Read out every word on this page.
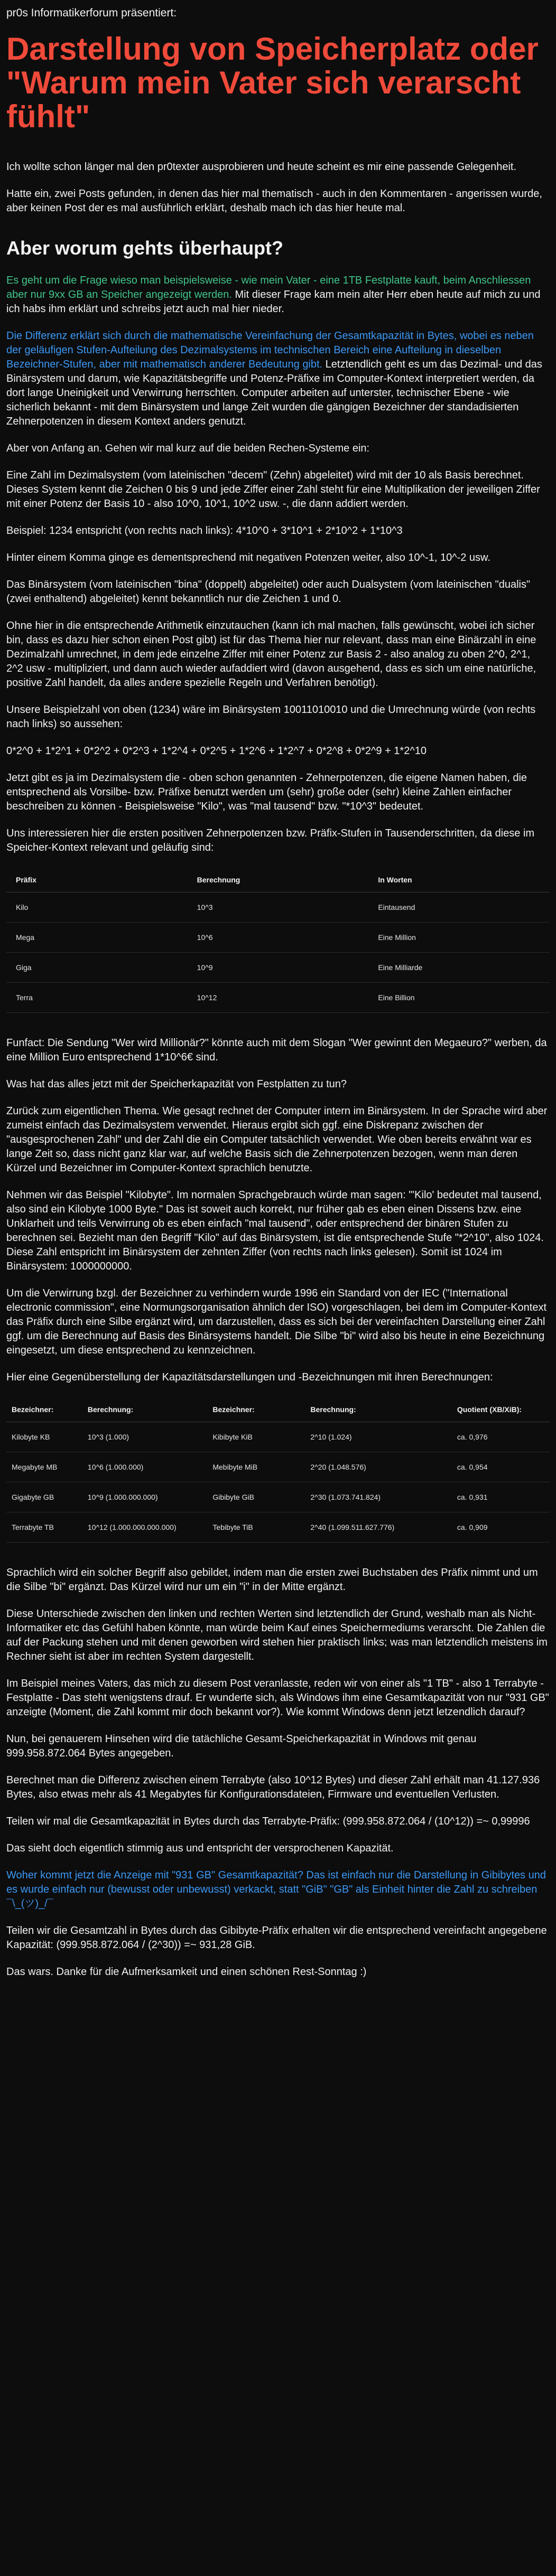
pr0s Informatikerforum präsentiert:
Darstellung von Speicherplatz oder "Warum mein Vater sich verarscht fühlt"

Ich wollte schon länger mal den pr0texter ausprobieren und heute scheint es mir eine passende Gelegenheit.

Hatte ein, zwei Posts gefunden, in denen das hier mal thematisch - auch in den Kommentaren - angerissen wurde, aber keinen Post der es mal ausführlich erklärt, deshalb mach ich das hier heute mal.

Aber worum gehts überhaupt?

Es geht um die Frage wieso man beispielsweise - wie mein Vater - eine 1TB Festplatte kauft, beim Anschliessen aber nur 9xx GB an Speicher angezeigt werden. Mit dieser Frage kam mein alter Herr eben heute auf mich zu und ich habs ihm erklärt und schreibs jetzt auch mal hier nieder.

Die Differenz erklärt sich durch die mathematische Vereinfachung der Gesamtkapazität in Bytes, wobei es neben der geläufigen Stufen-Aufteilung des Dezimalsystems im technischen Bereich eine Aufteilung in dieselben Bezeichner-Stufen, aber mit mathematisch anderer Bedeutung gibt. Letztendlich geht es um das Dezimal- und das Binärsystem und darum, wie Kapazitätsbegriffe und Potenz-Präfixe im Computer-Kontext interpretiert werden, da dort lange Uneinigkeit und Verwirrung herrschten. Computer arbeiten auf unterster, technischer Ebene - wie sicherlich bekannt - mit dem Binärsystem und lange Zeit wurden die gängigen Bezeichner der standadisierten Zehnerpotenzen in diesem Kontext anders genutzt.

Aber von Anfang an. Gehen wir mal kurz auf die beiden Rechen-Systeme ein:

Eine Zahl im Dezimalsystem (vom lateinischen "decem" (Zehn) abgeleitet) wird mit der 10 als Basis berechnet. Dieses System kennt die Zeichen 0 bis 9 und jede Ziffer einer Zahl steht für eine Multiplikation der jeweiligen Ziffer mit einer Potenz der Basis 10 - also 10^0, 10^1, 10^2 usw. -, die dann addiert werden.

Beispiel: 1234 entspricht (von rechts nach links): 4*10^0 + 3*10^1 + 2*10^2 + 1*10^3

Hinter einem Komma ginge es dementsprechend mit negativen Potenzen weiter, also 10^-1, 10^-2 usw.

Das Binärsystem (vom lateinischen "bina" (doppelt) abgeleitet) oder auch Dualsystem (vom lateinischen "dualis" (zwei enthaltend) abgeleitet) kennt bekanntlich nur die Zeichen 1 und 0.

Ohne hier in die entsprechende Arithmetik einzutauchen (kann ich mal machen, falls gewünscht, wobei ich sicher bin, dass es dazu hier schon einen Post gibt) ist für das Thema hier nur relevant, dass man eine Binärzahl in eine Dezimalzahl umrechnet, in dem jede einzelne Ziffer mit einer Potenz zur Basis 2 - also analog zu oben 2^0, 2^1, 2^2 usw - multipliziert, und dann auch wieder aufaddiert wird (davon ausgehend, dass es sich um eine natürliche, positive Zahl handelt, da alles andere spezielle Regeln und Verfahren benötigt).

Unsere Beispielzahl von oben (1234) wäre im Binärsystem 10011010010 und die Umrechnung würde (von rechts nach links) so aussehen:

0*2^0 + 1*2^1 + 0*2^2 + 0*2^3 + 1*2^4 + 0*2^5 + 1*2^6 + 1*2^7 + 0*2^8 + 0*2^9 + 1*2^10

Jetzt gibt es ja im Dezimalsystem die - oben schon genannten - Zehnerpotenzen, die eigene Namen haben, die entsprechend als Vorsilbe- bzw. Präfixe benutzt werden um (sehr) große oder (sehr) kleine Zahlen einfacher beschreiben zu können - Beispielsweise "Kilo", was "mal tausend" bzw. "*10^3" bedeutet.

Uns interessieren hier die ersten positiven Zehnerpotenzen bzw. Präfix-Stufen in Tausenderschritten, da diese im Speicher-Kontext relevant und geläufig sind:

Präfix	Berechnung	In Worten
Kilo	10^3	Eintausend
Mega	10^6	Eine Million
Giga	10^9	Eine Milliarde
Terra	10^12	Eine Billion

Funfact: Die Sendung "Wer wird Millionär?" könnte auch mit dem Slogan "Wer gewinnt den Megaeuro?" werben, da eine Million Euro entsprechend 1*10^6€ sind.

Was hat das alles jetzt mit der Speicherkapazität von Festplatten zu tun?

Zurück zum eigentlichen Thema. Wie gesagt rechnet der Computer intern im Binärsystem. In der Sprache wird aber zumeist einfach das Dezimalsystem verwendet. Hieraus ergibt sich ggf. eine Diskrepanz zwischen der "ausgesprochenen Zahl" und der Zahl die ein Computer tatsächlich verwendet. Wie oben bereits erwähnt war es lange Zeit so, dass nicht ganz klar war, auf welche Basis sich die Zehnerpotenzen bezogen, wenn man deren Kürzel und Bezeichner im Computer-Kontext sprachlich benutzte.

Nehmen wir das Beispiel "Kilobyte". Im normalen Sprachgebrauch würde man sagen: "'Kilo' bedeutet mal tausend, also sind ein Kilobyte 1000 Byte." Das ist soweit auch korrekt, nur früher gab es eben einen Dissens bzw. eine Unklarheit und teils Verwirrung ob es eben einfach "mal tausend", oder entsprechend der binären Stufen zu berechnen sei. Bezieht man den Begriff "Kilo" auf das Binärsystem, ist die entsprechende Stufe "*2^10", also 1024. Diese Zahl entspricht im Binärsystem der zehnten Ziffer (von rechts nach links gelesen). Somit ist 1024 im Binärsystem: 1000000000.

Um die Verwirrung bzgl. der Bezeichner zu verhindern wurde 1996 ein Standard von der IEC ("International electronic commission", eine Normungsorganisation ähnlich der ISO) vorgeschlagen, bei dem im Computer-Kontext das Präfix durch eine Silbe ergänzt wird, um darzustellen, dass es sich bei der vereinfachten Darstellung einer Zahl ggf. um die Berechnung auf Basis des Binärsystems handelt. Die Silbe "bi" wird also bis heute in eine Bezeichnung eingesetzt, um diese entsprechend zu kennzeichnen.

Hier eine Gegenüberstellung der Kapazitätsdarstellungen und -Bezeichnungen mit ihren Berechnungen:

Bezeichner:	Berechnung:	Bezeichner:	Berechnung:	Quotient (XB/XiB):
Kilobyte KB	10^3 (1.000)	Kibibyte KiB	2^10 (1.024)	ca. 0,976
Megabyte MB	10^6 (1.000.000)	Mebibyte MiB	2^20 (1.048.576)	ca. 0,954
Gigabyte GB	10^9 (1.000.000.000)	Gibibyte GiB	2^30 (1.073.741.824)	ca. 0,931
Terrabyte TB	10^12 (1.000.000.000.000)	Tebibyte TiB	2^40 (1.099.511.627.776)	ca. 0,909

Sprachlich wird ein solcher Begriff also gebildet, indem man die ersten zwei Buchstaben des Präfix nimmt und um die Silbe "bi" ergänzt. Das Kürzel wird nur um ein "i" in der Mitte ergänzt.

Diese Unterschiede zwischen den linken und rechten Werten sind letztendlich der Grund, weshalb man als Nicht-Informatiker etc das Gefühl haben könnte, man würde beim Kauf eines Speichermediums verarscht. Die Zahlen die auf der Packung stehen und mit denen geworben wird stehen hier praktisch links; was man letztendlich meistens im Rechner sieht ist aber im rechten System dargestellt.

Im Beispiel meines Vaters, das mich zu diesem Post veranlasste, reden wir von einer als "1 TB" - also 1 Terrabyte - Festplatte - Das steht wenigstens drauf. Er wunderte sich, als Windows ihm eine Gesamtkapazität von nur "931 GB" anzeigte (Moment, die Zahl kommt mir doch bekannt vor?). Wie kommt Windows denn jetzt letzendlich darauf?

Nun, bei genauerem Hinsehen wird die tatächliche Gesamt-Speicherkapazität in Windows mit genau 999.958.872.064 Bytes angegeben.

Berechnet man die Differenz zwischen einem Terrabyte (also 10^12 Bytes) und dieser Zahl erhält man 41.127.936 Bytes, also etwas mehr als 41 Megabytes für Konfigurationsdateien, Firmware und eventuellen Verlusten.

Teilen wir mal die Gesamtkapazität in Bytes durch das Terrabyte-Präfix: (999.958.872.064 / (10^12)) =~ 0,99996

Das sieht doch eigentlich stimmig aus und entspricht der versprochenen Kapazität.

Woher kommt jetzt die Anzeige mit "931 GB" Gesamtkapazität? Das ist einfach nur die Darstellung in Gibibytes und es wurde einfach nur (bewusst oder unbewusst) verkackt, statt "GiB" "GB" als Einheit hinter die Zahl zu schreiben ¯\_(ツ)_/¯

Teilen wir die Gesamtzahl in Bytes durch das Gibibyte-Präfix erhalten wir die entsprechend vereinfacht angegebene Kapazität: (999.958.872.064 / (2^30)) =~ 931,28 GiB.

Das wars. Danke für die Aufmerksamkeit und einen schönen Rest-Sonntag :)
